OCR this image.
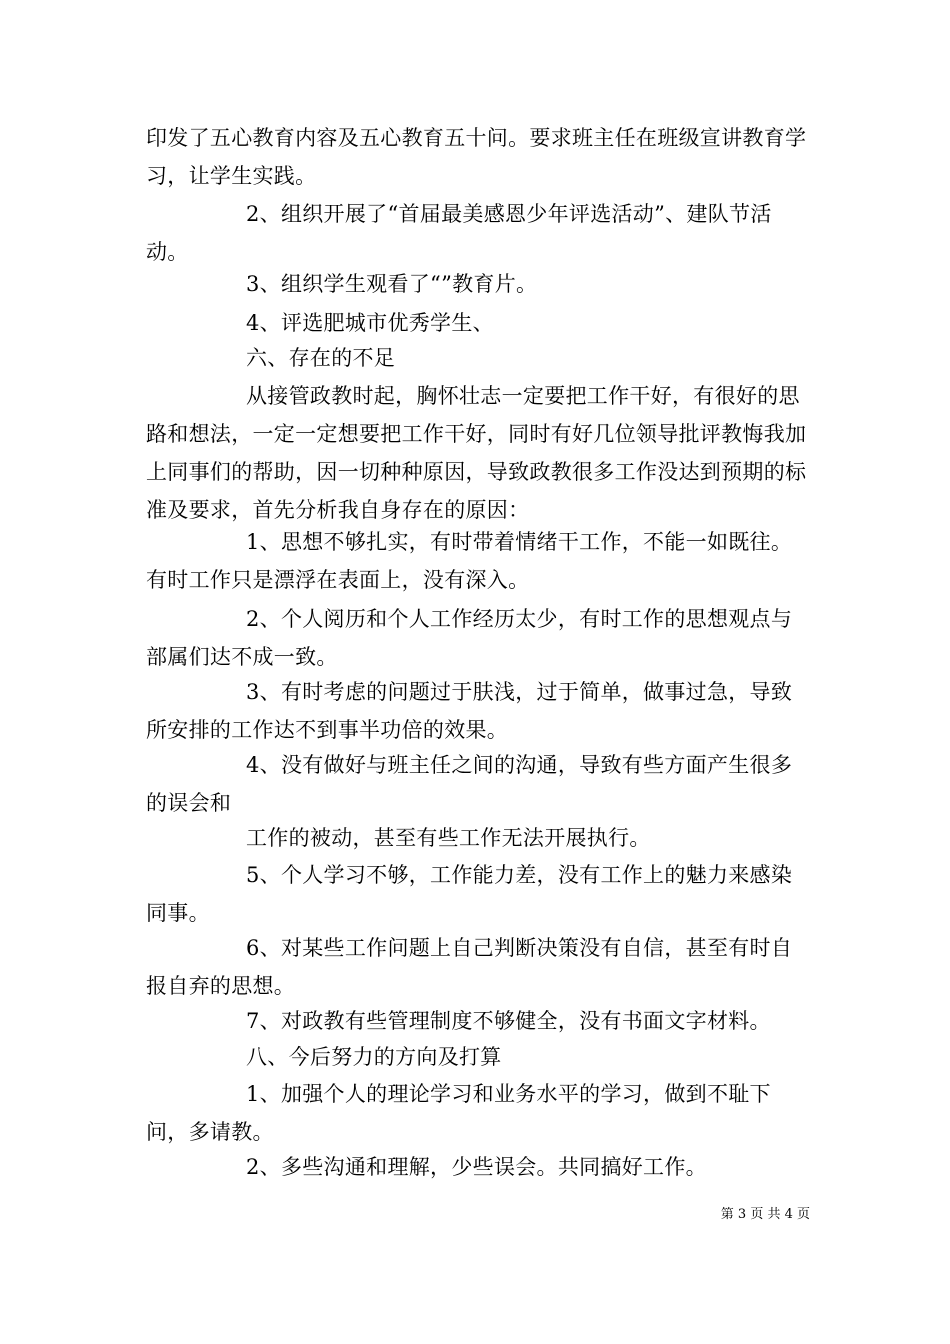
印发了五心教育内容及五心教育五十问。要求班主任在班级宣讲教育学习，让学生实践。
2、组织开展了“首届最美感恩少年评选活动”、建队节活动。
3、组织学生观看了“”教育片。
4、评选肥城市优秀学生、
六、存在的不足
从接管政教时起，胸怀壮志一定要把工作干好，有很好的思路和想法，一定一定想要把工作干好，同时有好几位领导批评教悔我加上同事们的帮助，因一切种种原因，导致政教很多工作没达到预期的标准及要求，首先分析我自身存在的原因：
1、思想不够扎实，有时带着情绪干工作，不能一如既往。有时工作只是漂浮在表面上，没有深入。
2、个人阅历和个人工作经历太少，有时工作的思想观点与部属们达不成一致。
3、有时考虑的问题过于肤浅，过于简单，做事过急，导致所安排的工作达不到事半功倍的效果。
4、没有做好与班主任之间的沟通，导致有些方面产生很多的误会和
工作的被动，甚至有些工作无法开展执行。
5、个人学习不够，工作能力差，没有工作上的魅力来感染同事。
6、对某些工作问题上自己判断决策没有自信，甚至有时自报自弃的思想。
7、对政教有些管理制度不够健全，没有书面文字材料。
八、今后努力的方向及打算
1、加强个人的理论学习和业务水平的学习，做到不耻下问，多请教。
2、多些沟通和理解，少些误会。共同搞好工作。
第 3 页 共 4 页
